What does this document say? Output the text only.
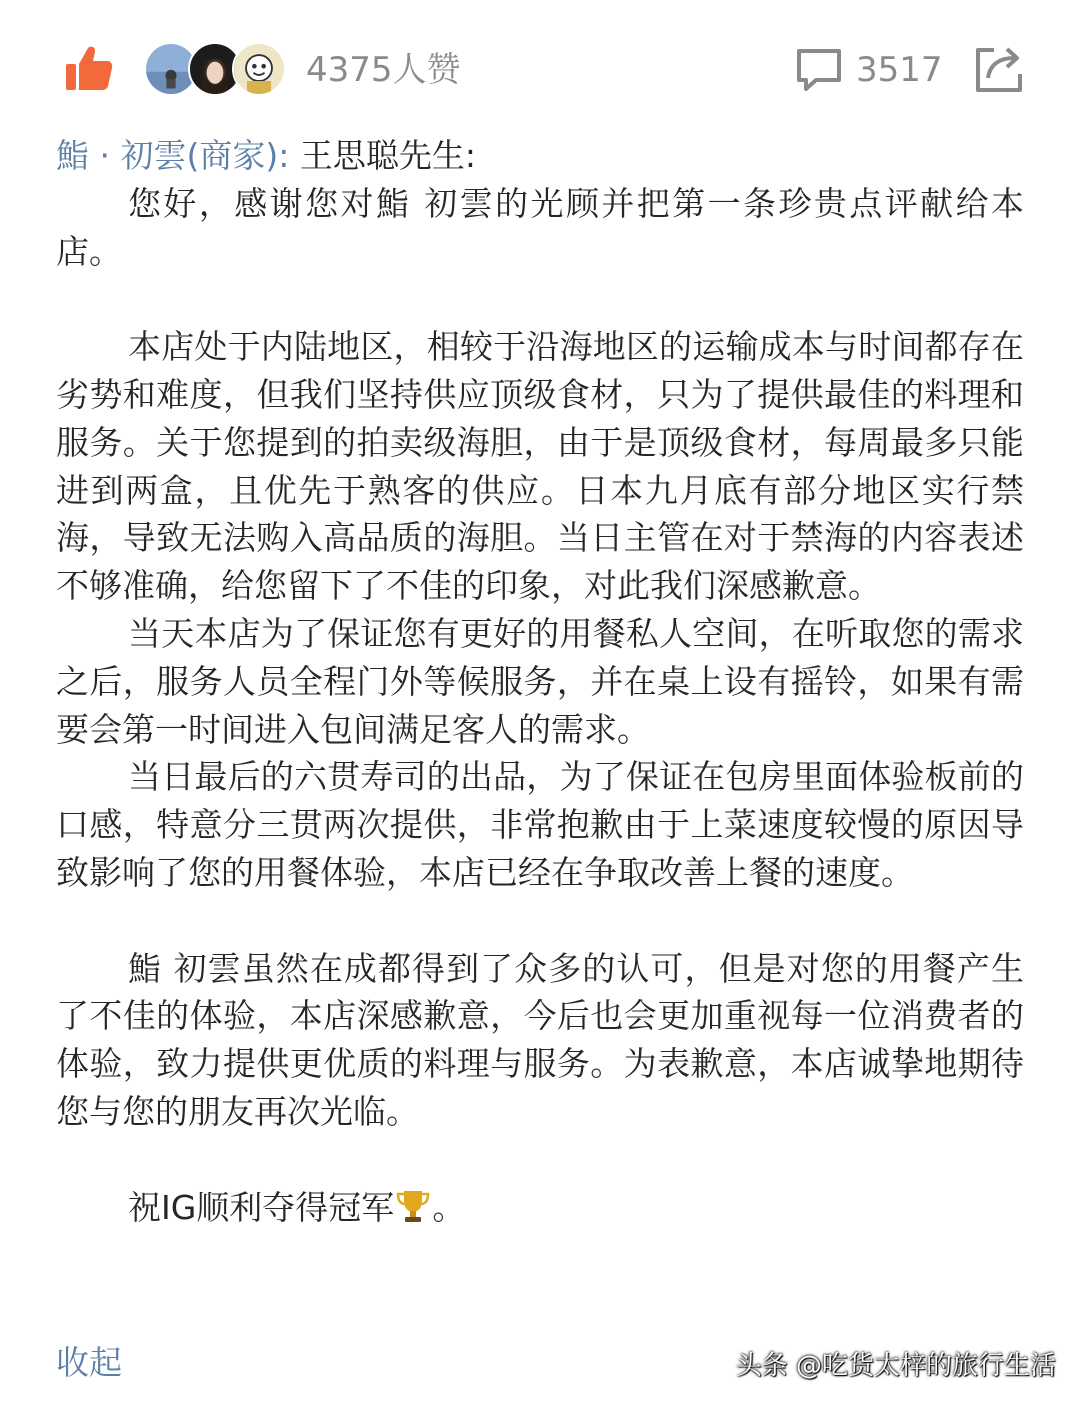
4375人赞	3517

鮨 · 初雲(商家): 王思聪先生:

您好，感谢您对鮨 初雲的光顾并把第一条珍贵点评献给本店。

本店处于内陆地区，相较于沿海地区的运输成本与时间都存在劣势和难度，但我们坚持供应顶级食材，只为了提供最佳的料理和服务。关于您提到的拍卖级海胆，由于是顶级食材，每周最多只能进到两盒，且优先于熟客的供应。日本九月底有部分地区实行禁海，导致无法购入高品质的海胆。当日主管在对于禁海的内容表述不够准确，给您留下了不佳的印象，对此我们深感歉意。

当天本店为了保证您有更好的用餐私人空间，在听取您的需求之后，服务人员全程门外等候服务，并在桌上设有摇铃，如果有需要会第一时间进入包间满足客人的需求。

当日最后的六贯寿司的出品，为了保证在包房里面体验板前的口感，特意分三贯两次提供，非常抱歉由于上菜速度较慢的原因导致影响了您的用餐体验，本店已经在争取改善上餐的速度。

鮨 初雲虽然在成都得到了众多的认可，但是对您的用餐产生了不佳的体验，本店深感歉意，今后也会更加重视每一位消费者的体验，致力提供更优质的料理与服务。为表歉意，本店诚挚地期待您与您的朋友再次光临。

祝IG顺利夺得冠军 。

收起	头条 @吃货太梓的旅行生活
